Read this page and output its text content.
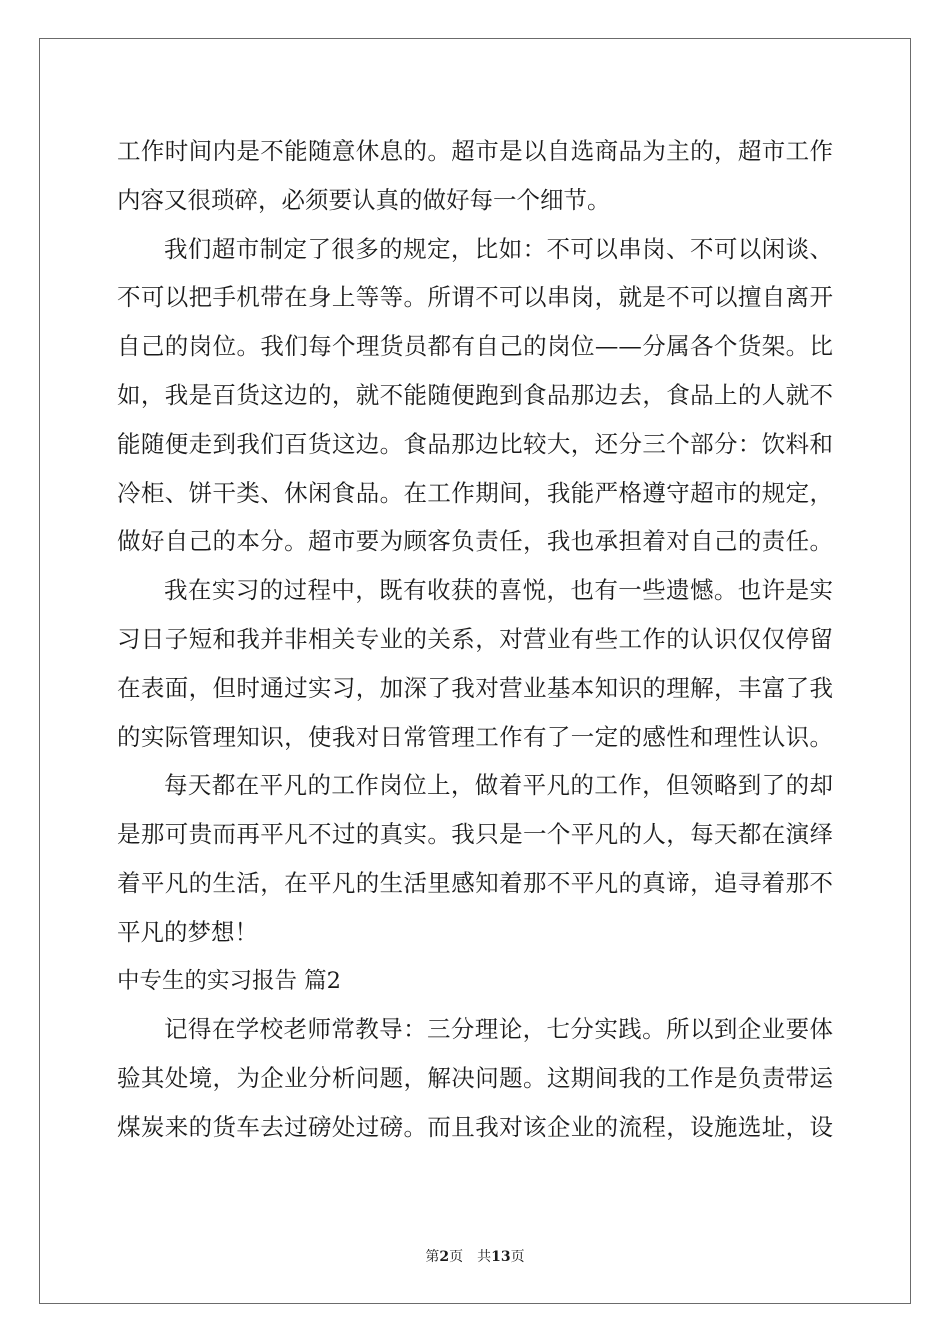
工作时间内是不能随意休息的。超市是以自选商品为主的，超市工作
内容又很琐碎，必须要认真的做好每一个细节。
我们超市制定了很多的规定，比如：不可以串岗、不可以闲谈、
不可以把手机带在身上等等。所谓不可以串岗，就是不可以擅自离开
自己的岗位。我们每个理货员都有自己的岗位——分属各个货架。比
如，我是百货这边的，就不能随便跑到食品那边去，食品上的人就不
能随便走到我们百货这边。食品那边比较大，还分三个部分：饮料和
冷柜、饼干类、休闲食品。在工作期间，我能严格遵守超市的规定，
做好自己的本分。超市要为顾客负责任，我也承担着对自己的责任。
我在实习的过程中，既有收获的喜悦，也有一些遗憾。也许是实
习日子短和我并非相关专业的关系，对营业有些工作的认识仅仅停留
在表面，但时通过实习，加深了我对营业基本知识的理解，丰富了我
的实际管理知识，使我对日常管理工作有了一定的感性和理性认识。
每天都在平凡的工作岗位上，做着平凡的工作，但领略到了的却
是那可贵而再平凡不过的真实。我只是一个平凡的人，每天都在演绎
着平凡的生活，在平凡的生活里感知着那不平凡的真谛，追寻着那不
平凡的梦想！
中专生的实习报告 篇2
记得在学校老师常教导：三分理论，七分实践。所以到企业要体
验其处境，为企业分析问题，解决问题。这期间我的工作是负责带运
煤炭来的货车去过磅处过磅。而且我对该企业的流程，设施选址，设
第2页 共13页
